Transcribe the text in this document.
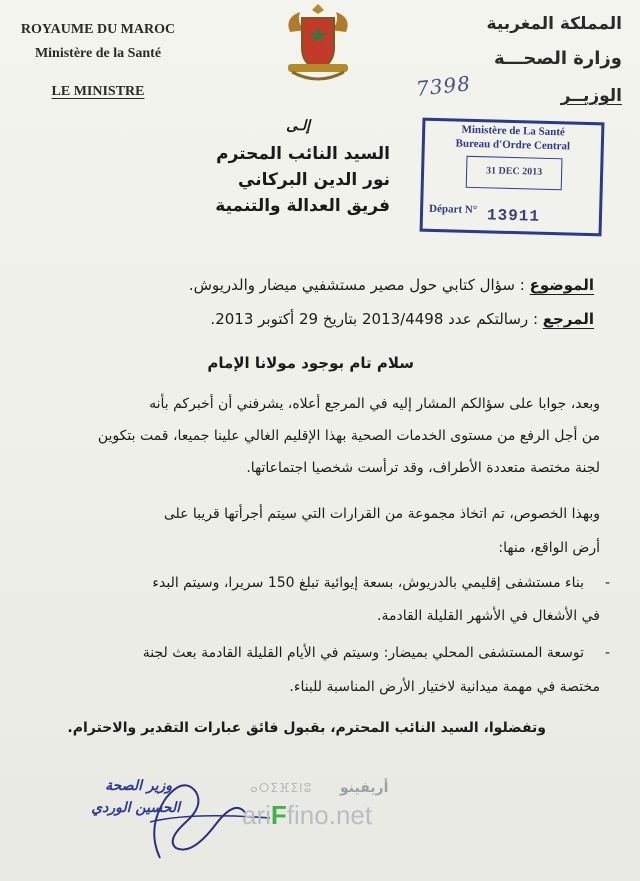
ROYAUME DU MAROC
Ministère de la Santé
LE MINISTRE
المملكة المغربية
وزارة الصحـــة
الوزيــر
7398
إلـى
السيد النائب المحترم
نور الدين البركاني
فريق العدالة والتنمية
Ministère de La Santé
Bureau d'Ordre Central
31 DEC 2013
Départ N° 13911
الموضوع : سؤال كتابي حول مصير مستشفيي ميضار والدريوش.
المرجع : رسالتكم عدد 2013/4498 بتاريخ 29 أكتوبر 2013.
سلام تام بوجود مولانا الإمام
وبعد، جوابا على سؤالكم المشار إليه في المرجع أعلاه، يشرفني أن أخبركم بأنه
من أجل الرفع من مستوى الخدمات الصحية بهذا الإقليم الغالي علينا جميعا، قمت بتكوين
لجنة مختصة متعددة الأطراف، وقد ترأست شخصيا اجتماعاتها.
وبهذا الخصوص، تم اتخاذ مجموعة من القرارات التي سيتم أجرأتها قريبا على
أرض الواقع، منها:
-
بناء مستشفى إقليمي بالدريوش، بسعة إيوائية تبلغ 150 سريرا، وسيتم البدء
في الأشغال في الأشهر القليلة القادمة.
-
توسعة المستشفى المحلي بميضار: وسيتم في الأيام القليلة القادمة بعث لجنة
مختصة في مهمة ميدانية لاختيار الأرض المناسبة للبناء.
وتفضلوا، السيد النائب المحترم، بقبول فائق عبارات التقدير والاحترام.
وزير الصحة
الحسين الوردي
ⴰⵔⵉⴼⵉⵏⵓ أريفينو
ariFfino.net
